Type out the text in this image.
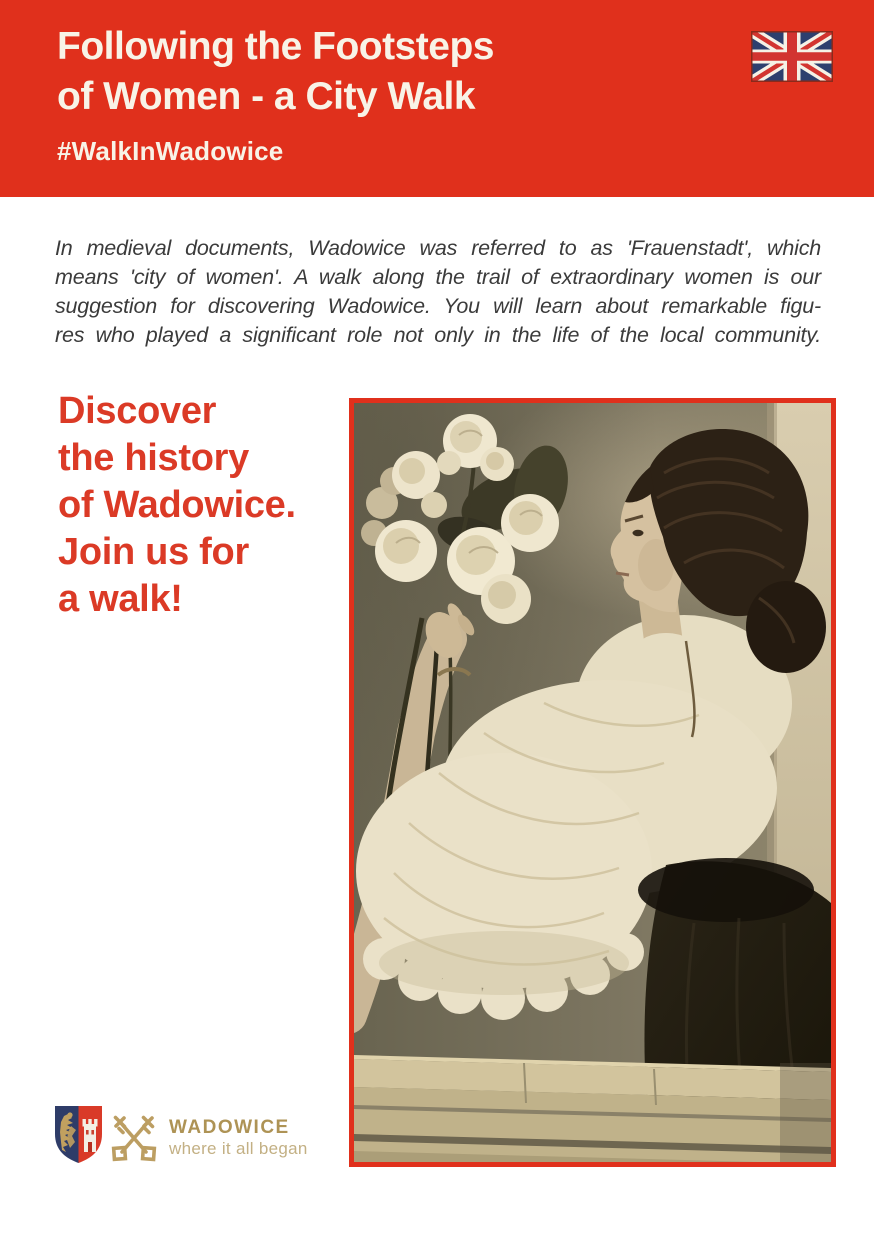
Following the Footsteps
of Women - a City Walk
#WalkInWadowice
In medieval documents, Wadowice was referred to as 'Frauenstadt', which
means 'city of women'. A walk along the trail of extraordinary women is our
suggestion for discovering Wadowice. You will learn about remarkable figu-
res who played a significant role not only in the life of the local community.
Discover
the history
of Wadowice.
Join us for
a walk!
WADOWICE
where it all began
